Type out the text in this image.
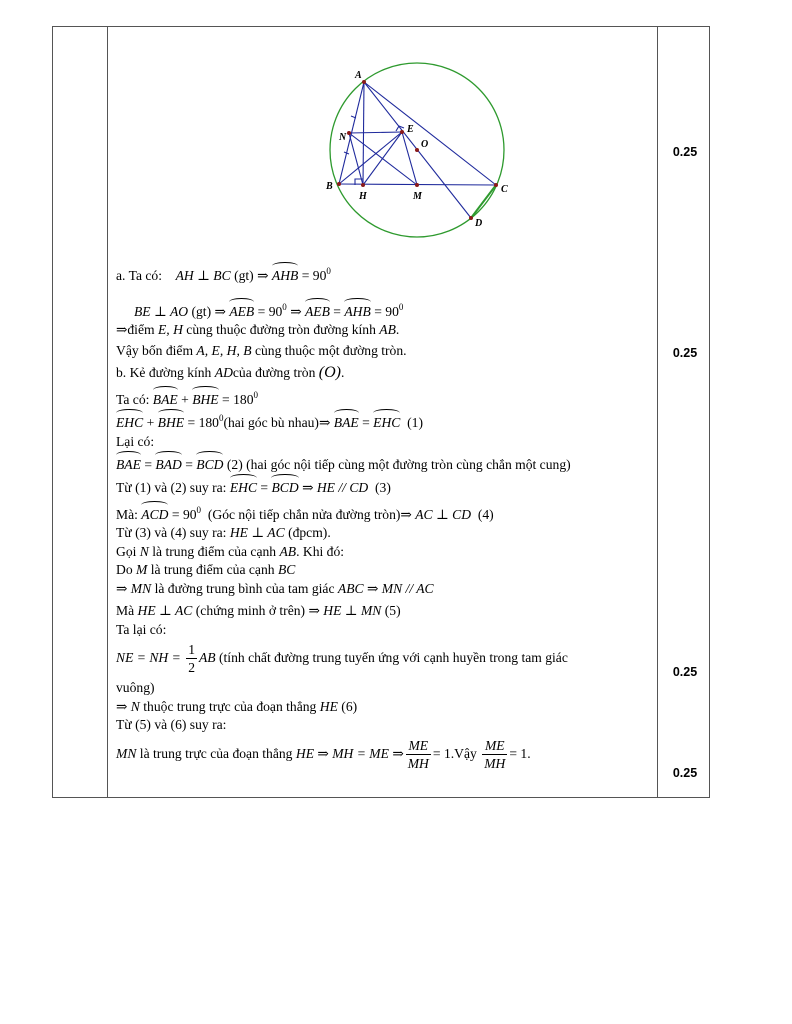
A
B	C
D
E
H	M
N
O
a. Ta có: AH ⊥ BC (gt) ⇒ AHB = $90^0$
BE ⊥ AO (gt) ⇒ AEB = $90^0$ ⇒ AEB = AHB = $90^0$
⇒điểm E, H cùng thuộc đường tròn đường kính AB.
Vậy bốn điểm A, E, H, B cùng thuộc một đường tròn.
b. Kẻ đường kính ADcủa đường tròn (O).
Ta có: BAE + BHE = $180^0$
EHC + BHE = $180^0(hai$ góc bù nhau)⇒ BAE = EHC (1)
Lại có:
BAE = BAD = BCD (2) (hai góc nội tiếp cùng một đường tròn cùng chắn một cung)
Từ (1) và (2) suy ra: EHC = BCD ⇒ HE // CD (3)
Mà: ACD = $90^0$ (Góc nội tiếp chắn nửa đường tròn)⇒ AC ⊥ CD (4)
Từ (3) và (4) suy ra: HE ⊥ AC (đpcm).
Gọi N là trung điểm của cạnh AB. Khi đó:
Do M là trung điểm của cạnh BC
⇒ MN là đường trung bình của tam giác ABC ⇒ MN // AC
Mà HE ⊥ AC (chứng minh ở trên) ⇒ HE ⊥ MN (5)
Ta lại có:
NE = NH = $\frac{1}{2}$ AB (tính chất đường trung tuyến ứng với cạnh huyền trong tam giác
vuông)
⇒ N thuộc trung trực của đoạn thẳng HE (6)
Từ (5) và (6) suy ra:
MN là trung trực của đoạn thẳng HE ⇒ MH = ME ⇒ $\frac{ME}{MH}$ = 1.Vậy $\frac{ME}{MH} = 1$.
0.25
0.25
0.25
0.25
